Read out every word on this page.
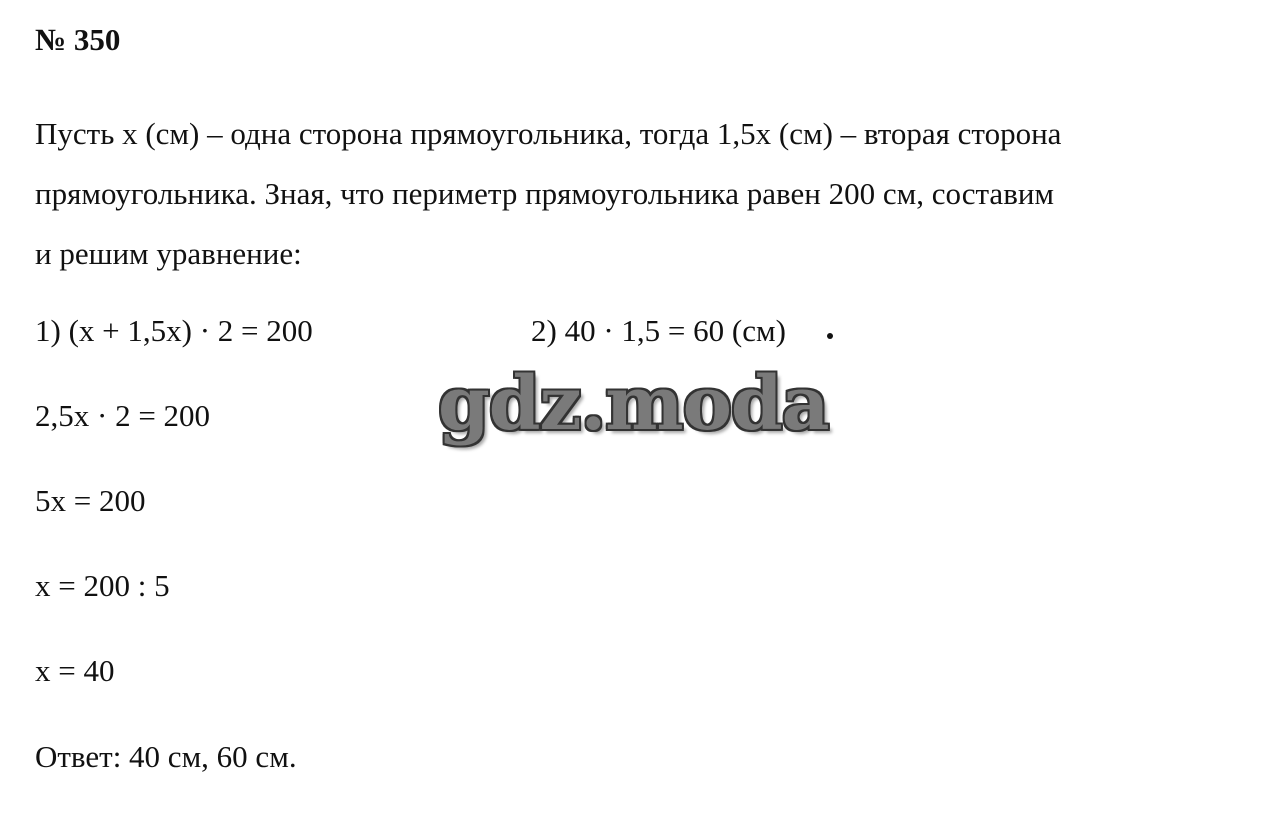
№ 350
Пусть x (см) – одна сторона прямоугольника, тогда 1,5x (см) – вторая сторона
прямоугольника. Зная, что периметр прямоугольника равен 200 см, составим
и решим уравнение:
1) (x + 1,5x) · 2 = 200	2) 40 · 1,5 = 60 (см)
2,5x · 2 = 200
5x = 200
x = 200 : 5
x = 40
Ответ: 40 см, 60 см.
gdz.moda
